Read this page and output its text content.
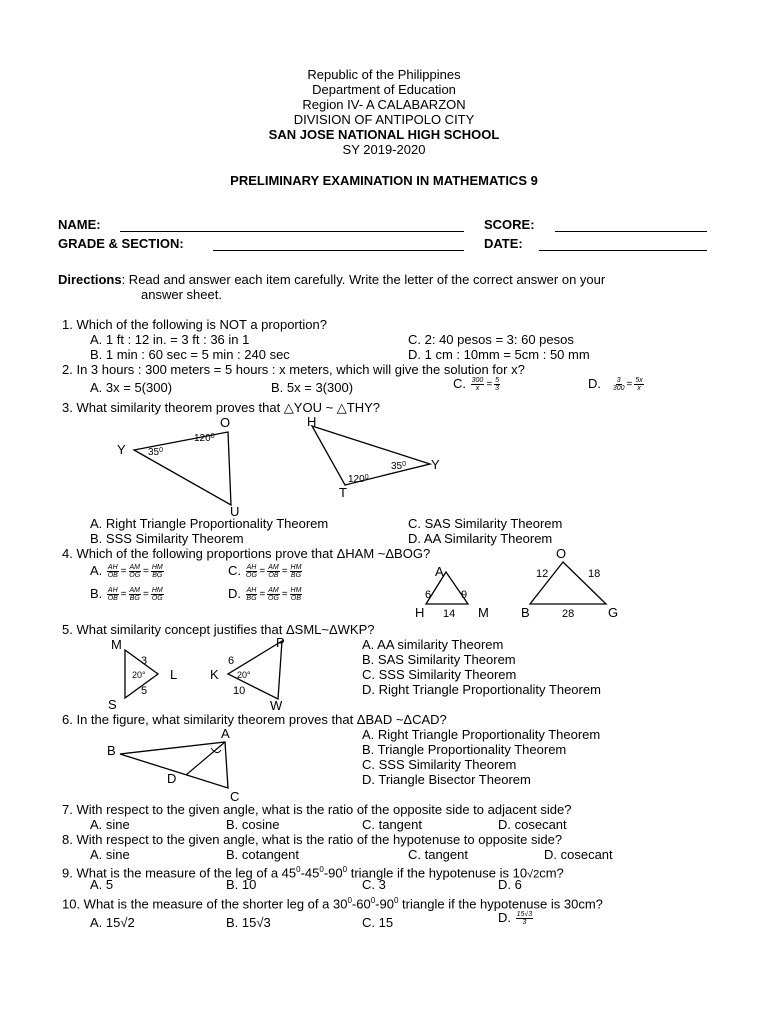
Republic of the Philippines
Department of Education
Region IV- A CALABARZON
DIVISION OF ANTIPOLO CITY
SAN JOSE NATIONAL HIGH SCHOOL
SY 2019-2020
PRELIMINARY EXAMINATION IN MATHEMATICS 9
NAME:	SCORE:
GRADE & SECTION:	DATE:
Directions: Read and answer each item carefully. Write the letter of the correct answer on your
answer sheet.
1. Which of the following is NOT a proportion?
A. 1 ft : 12 in. = 3 ft : 36 in 1	C. 2: 40 pesos = 3: 60 pesos
B. 1 min : 60 sec = 5 min : 240 sec	D. 1 cm : 10mm = 5cm : 50 mm
2. In 3 hours : 300 meters = 5 hours : x meters, which will give the solution for x?
A. 3x = 5(300)	B. 5x = 3(300)	C. $\frac{300}{x} = \frac{5}{3}$	D. $\frac{3}{300} = \frac{5x}{x}$
3. What similarity theorem proves that △YOU ~ △THY?
Y
O
U
$35^0$
$120^0$
H
Y
T
$35^0$
$120^0$
A. Right Triangle Proportionality Theorem	C. SAS Similarity Theorem
B. SSS Similarity Theorem	D. AA Similarity Theorem
4. Which of the following proportions prove that ΔHAM ~ΔBOG?
A. $\frac{AH}{OB} = \frac{AM}{OG} = \frac{HM}{BG}$	C. $\frac{AH}{OG} = \frac{AM}{OB} = \frac{HM}{BG}$
B. $\frac{AH}{OB} = \frac{AM}{BG} = \frac{HM}{OG}$	D. $\frac{AH}{BG} = \frac{AM}{OG} = \frac{HM}{OB}$
A
H	M
6	9
14
O
B	G
12	18
28
5. What similarity concept justifies that ΔSML~ΔWKP?
M
L
S
3
20°
5
P
K
W
6
20°
10
A. AA similarity Theorem
B. SAS Similarity Theorem
C. SSS Similarity Theorem
D. Right Triangle Proportionality Theorem
6. In the figure, what similarity theorem proves that ΔBAD ~ΔCAD?
A
B
D
C
A. Right Triangle Proportionality Theorem
B. Triangle Proportionality Theorem
C. SSS Similarity Theorem
D. Triangle Bisector Theorem
7. With respect to the given angle, what is the ratio of the opposite side to adjacent side?
A. sine	B. cosine	C. tangent	D. cosecant
8. With respect to the given angle, what is the ratio of the hypotenuse to opposite side?
A. sine	B. cotangent	C. tangent	D. cosecant
9. What is the measure of the leg of a $45^0-45^0-90^0$ triangle if the hypotenuse is 10√2cm?
A. 5	B. 10	C. 3	D. 6
10. What is the measure of the shorter leg of a $30^0-60^0-90^0$ triangle if the hypotenuse is 30cm?
A. 15√2	B. 15√3	C. 15	D. $\frac{15√3}{3}$
